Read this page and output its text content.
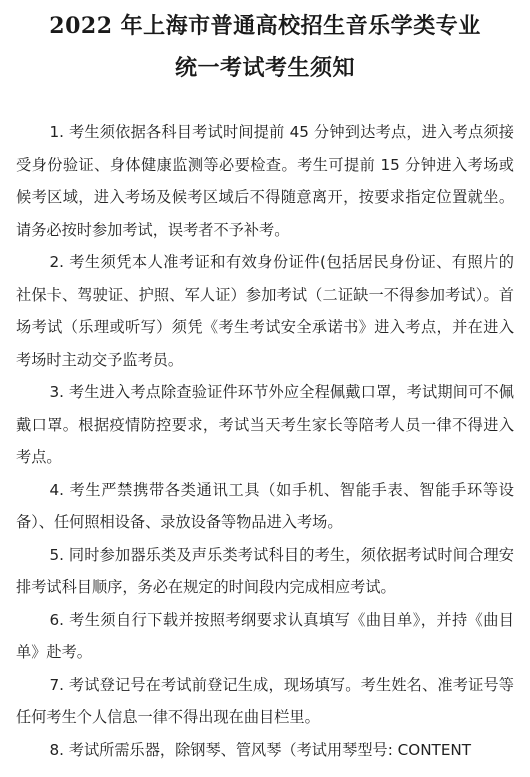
2022 年上海市普通高校招生音乐学类专业
统一考试考生须知

1. 考生须依据各科目考试时间提前 45 分钟到达考点，进入考点须接受身份验证、身体健康监测等必要检查。考生可提前 15 分钟进入考场或候考区域，进入考场及候考区域后不得随意离开，按要求指定位置就坐。请务必按时参加考试，误考者不予补考。

2. 考生须凭本人准考证和有效身份证件(包括居民身份证、有照片的社保卡、驾驶证、护照、军人证）参加考试（二证缺一不得参加考试）。首场考试（乐理或听写）须凭《考生考试安全承诺书》进入考点，并在进入考场时主动交予监考员。

3. 考生进入考点除查验证件环节外应全程佩戴口罩，考试期间可不佩戴口罩。根据疫情防控要求，考试当天考生家长等陪考人员一律不得进入考点。

4. 考生严禁携带各类通讯工具（如手机、智能手表、智能手环等设备）、任何照相设备、录放设备等物品进入考场。

5. 同时参加器乐类及声乐类考试科目的考生，须依据考试时间合理安排考试科目顺序，务必在规定的时间段内完成相应考试。

6. 考生须自行下载并按照考纲要求认真填写《曲目单》，并持《曲目单》赴考。

7. 考试登记号在考试前登记生成，现场填写。考生姓名、准考证号等任何考生个人信息一律不得出现在曲目栏里。

8. 考试所需乐器，除钢琴、管风琴（考试用琴型号: CONTENT
